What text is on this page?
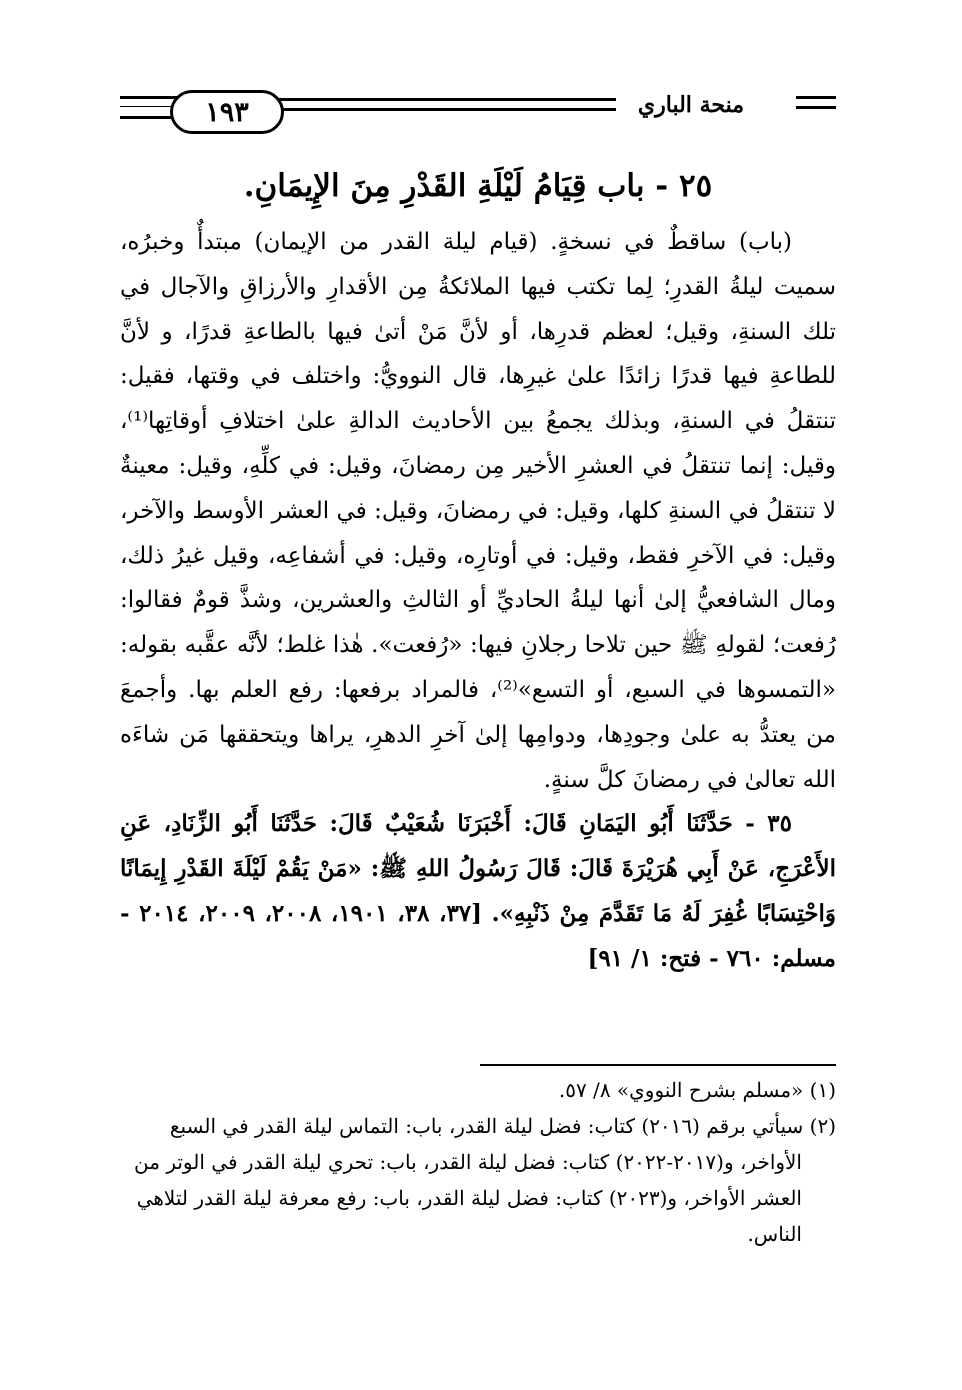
١٩٣	منحة الباري
٢٥ - باب قِيَامُ لَيْلَةِ القَدْرِ مِنَ الإِيمَانِ.

(باب) ساقطٌ في نسخةٍ. (قيام ليلة القدر من الإيمان) مبتدأٌ وخبرُه، سميت ليلةُ القدرِ؛ لِما تكتب فيها الملائكةُ مِن الأقدارِ والأرزاقِ والآجال في تلك السنةِ، وقيل؛ لعظم قدرِها، أو لأنَّ مَنْ أتىٰ فيها بالطاعةِ قدرًا، و لأنَّ للطاعةِ فيها قدرًا زائدًا علىٰ غيرِها، قال النوويُّ: واختلف في وقتها، فقيل: تنتقلُ في السنةِ، وبذلك يجمعُ بين الأحاديث الدالةِ علىٰ اختلافِ أوقاتِها⁽¹⁾، وقيل: إنما تنتقلُ في العشرِ الأخير مِن رمضانَ، وقيل: في كلِّهِ، وقيل: معينةٌ لا تنتقلُ في السنةِ كلها، وقيل: في رمضانَ، وقيل: في العشر الأوسط والآخر، وقيل: في الآخرِ فقط، وقيل: في أوتارِه، وقيل: في أشفاعِه، وقيل غيرُ ذلك، ومال الشافعيُّ إلىٰ أنها ليلةُ الحاديِّ أو الثالثِ والعشرين، وشذَّ قومٌ فقالوا: رُفعت؛ لقولهِ ﷺ حين تلاحا رجلانِ فيها: «رُفعت». هٰذا غلط؛ لأنَّه عقَّبه بقوله: «التمسوها في السبع، أو التسع»⁽²⁾، فالمراد برفعها: رفع العلم بها. وأجمعَ من يعتدُّ به علىٰ وجودِها، ودوامِها إلىٰ آخرِ الدهرِ، يراها ويتحققها مَن شاءَه الله تعالىٰ في رمضانَ كلَّ سنةٍ.

٣٥ - حَدَّثَنَا أَبُو اليَمَانِ قَالَ: أَخْبَرَنَا شُعَيْبٌ قَالَ: حَدَّثَنَا أَبُو الزِّنَادِ، عَنِ الأَعْرَجِ، عَنْ أَبِي هُرَيْرَةَ قَالَ: قَالَ رَسُولُ اللهِ ﷺ: «مَنْ يَقُمْ لَيْلَةَ القَدْرِ إِيمَانًا وَاحْتِسَابًا غُفِرَ لَهُ مَا تَقَدَّمَ مِنْ ذَنْبِهِ». [٣٧، ٣٨، ١٩٠١، ٢٠٠٨، ٢٠٠٩، ٢٠١٤ - مسلم: ٧٦٠ - فتح: ١/ ٩١]

(١) «مسلم بشرح النووي» ٨/ ٥٧.

(٢) سيأتي برقم (٢٠١٦) كتاب: فضل ليلة القدر، باب: التماس ليلة القدر في السبع الأواخر، و(٢٠١٧-٢٠٢٢) كتاب: فضل ليلة القدر، باب: تحري ليلة القدر في الوتر من العشر الأواخر، و(٢٠٢٣) كتاب: فضل ليلة القدر، باب: رفع معرفة ليلة القدر لتلاهي الناس.
